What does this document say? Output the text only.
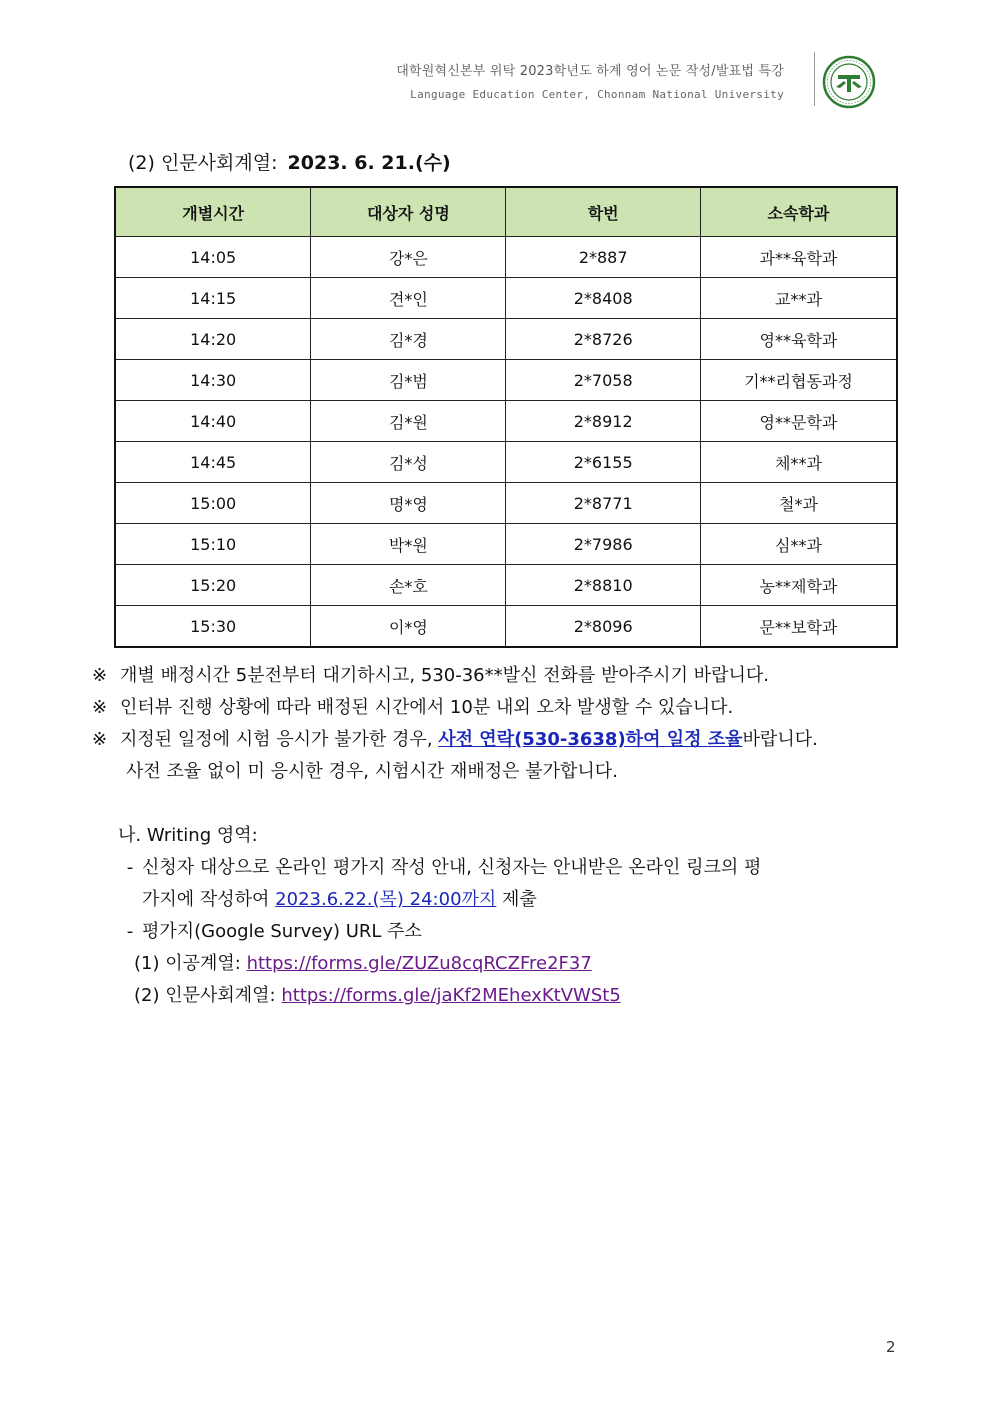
대학원혁신본부 위탁 2023학년도 하계 영어 논문 작성/발표법 특강
Language Education Center, Chonnam National University
(2) 인문사회계열: 2023. 6. 21.(수)
개별시간	대상자 성명	학번	소속학과
14:05	강*은	2*887	과**육학과
14:15	견*인	2*8408	교**과
14:20	김*경	2*8726	영**육학과
14:30	김*범	2*7058	기**리협동과정
14:40	김*원	2*8912	영**문학과
14:45	김*성	2*6155	체**과
15:00	명*영	2*8771	철*과
15:10	박*원	2*7986	심**과
15:20	손*호	2*8810	농**제학과
15:30	이*영	2*8096	문**보학과
※ 개별 배정시간 5분전부터 대기하시고, 530-36**발신 전화를 받아주시기 바랍니다.
※ 인터뷰 진행 상황에 따라 배정된 시간에서 10분 내외 오차 발생할 수 있습니다.
※ 지정된 일정에 시험 응시가 불가한 경우, 사전 연락(530-3638)하여 일정 조율바랍니다.
사전 조율 없이 미 응시한 경우, 시험시간 재배정은 불가합니다.
나. Writing 영역:
- 신청자 대상으로 온라인 평가지 작성 안내, 신청자는 안내받은 온라인 링크의 평
가지에 작성하여 2023.6.22.(목) 24:00까지 제출
- 평가지(Google Survey) URL 주소
(1) 이공계열: https://forms.gle/ZUZu8cqRCZFre2F37
(2) 인문사회계열: https://forms.gle/jaKf2MEhexKtVWSt5
2
